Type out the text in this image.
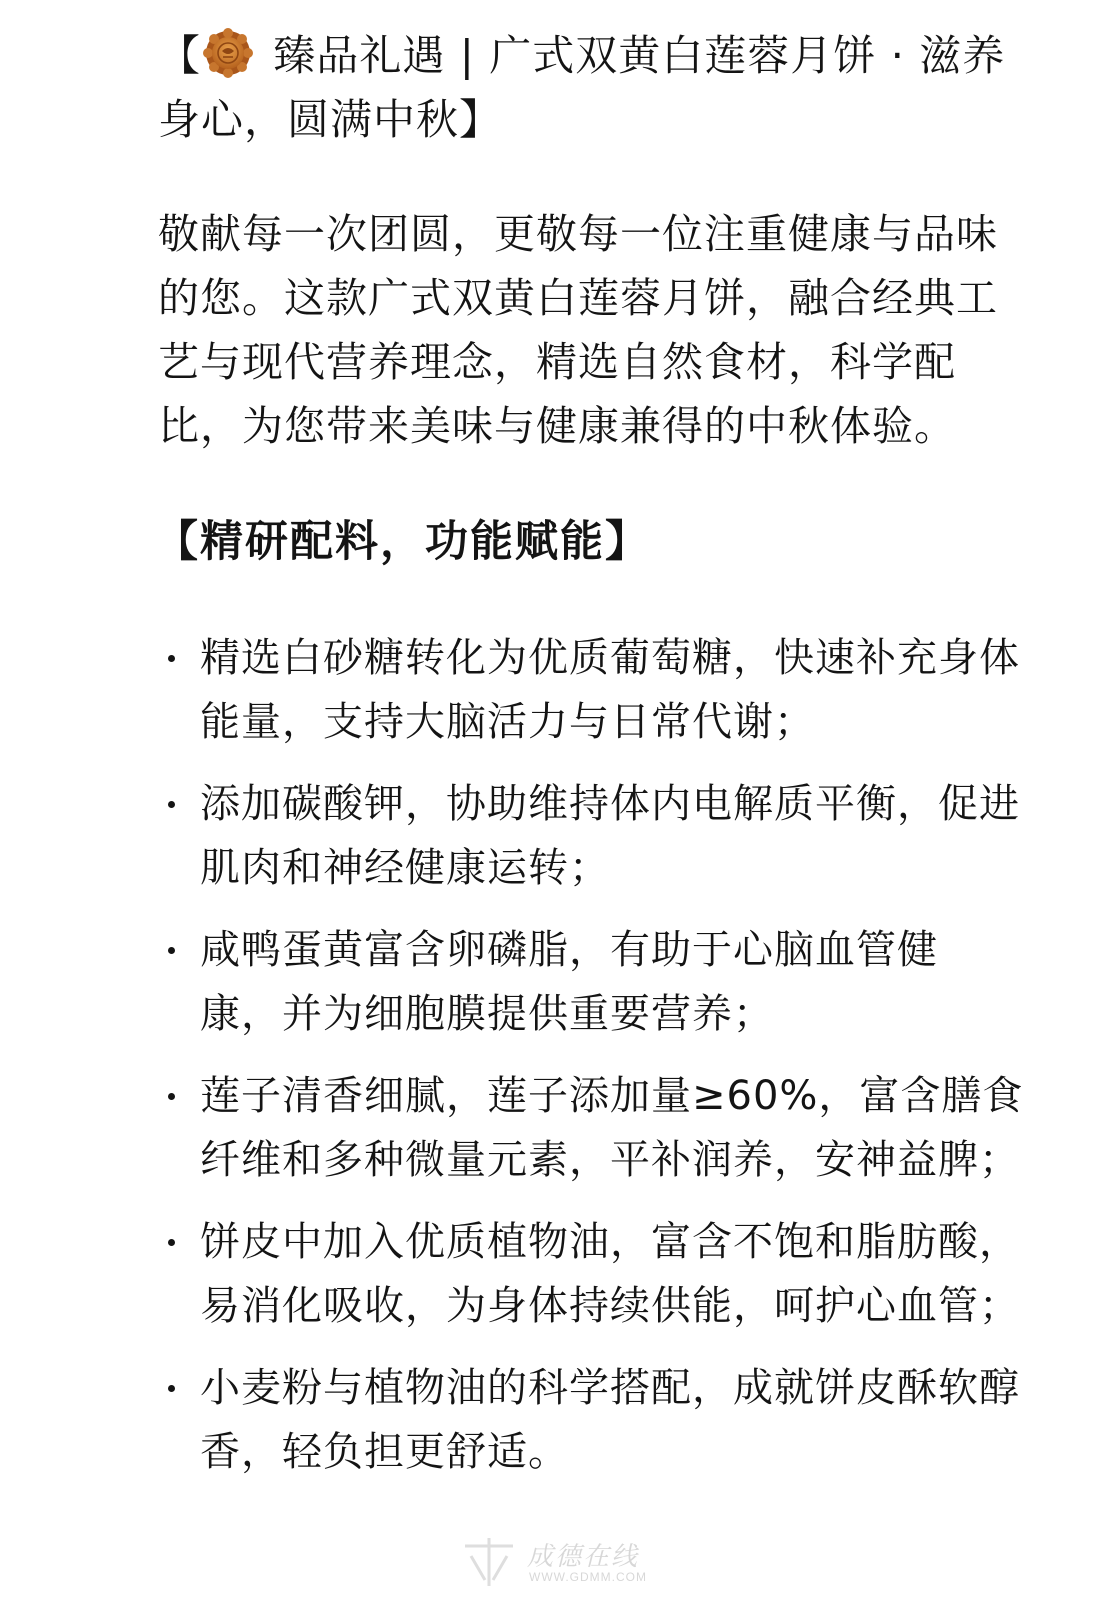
【 臻品礼遇 | 广式双黄白莲蓉月饼 · 滋养身心，圆满中秋】

敬献每一次团圆，更敬每一位注重健康与品味的您。这款广式双黄白莲蓉月饼，融合经典工艺与现代营养理念，精选自然食材，科学配比，为您带来美味与健康兼得的中秋体验。

【精研配料，功能赋能】
精选白砂糖转化为优质葡萄糖，快速补充身体能量，支持大脑活力与日常代谢；
添加碳酸钾，协助维持体内电解质平衡，促进肌肉和神经健康运转；
咸鸭蛋黄富含卵磷脂，有助于心脑血管健康，并为细胞膜提供重要营养；
莲子清香细腻，莲子添加量≥60%，富含膳食纤维和多种微量元素，平补润养，安神益脾；
饼皮中加入优质植物油，富含不饱和脂肪酸，易消化吸收，为身体持续供能，呵护心血管；
小麦粉与植物油的科学搭配，成就饼皮酥软醇香，轻负担更舒适。
成德在线
WWW.GDMM.COM
